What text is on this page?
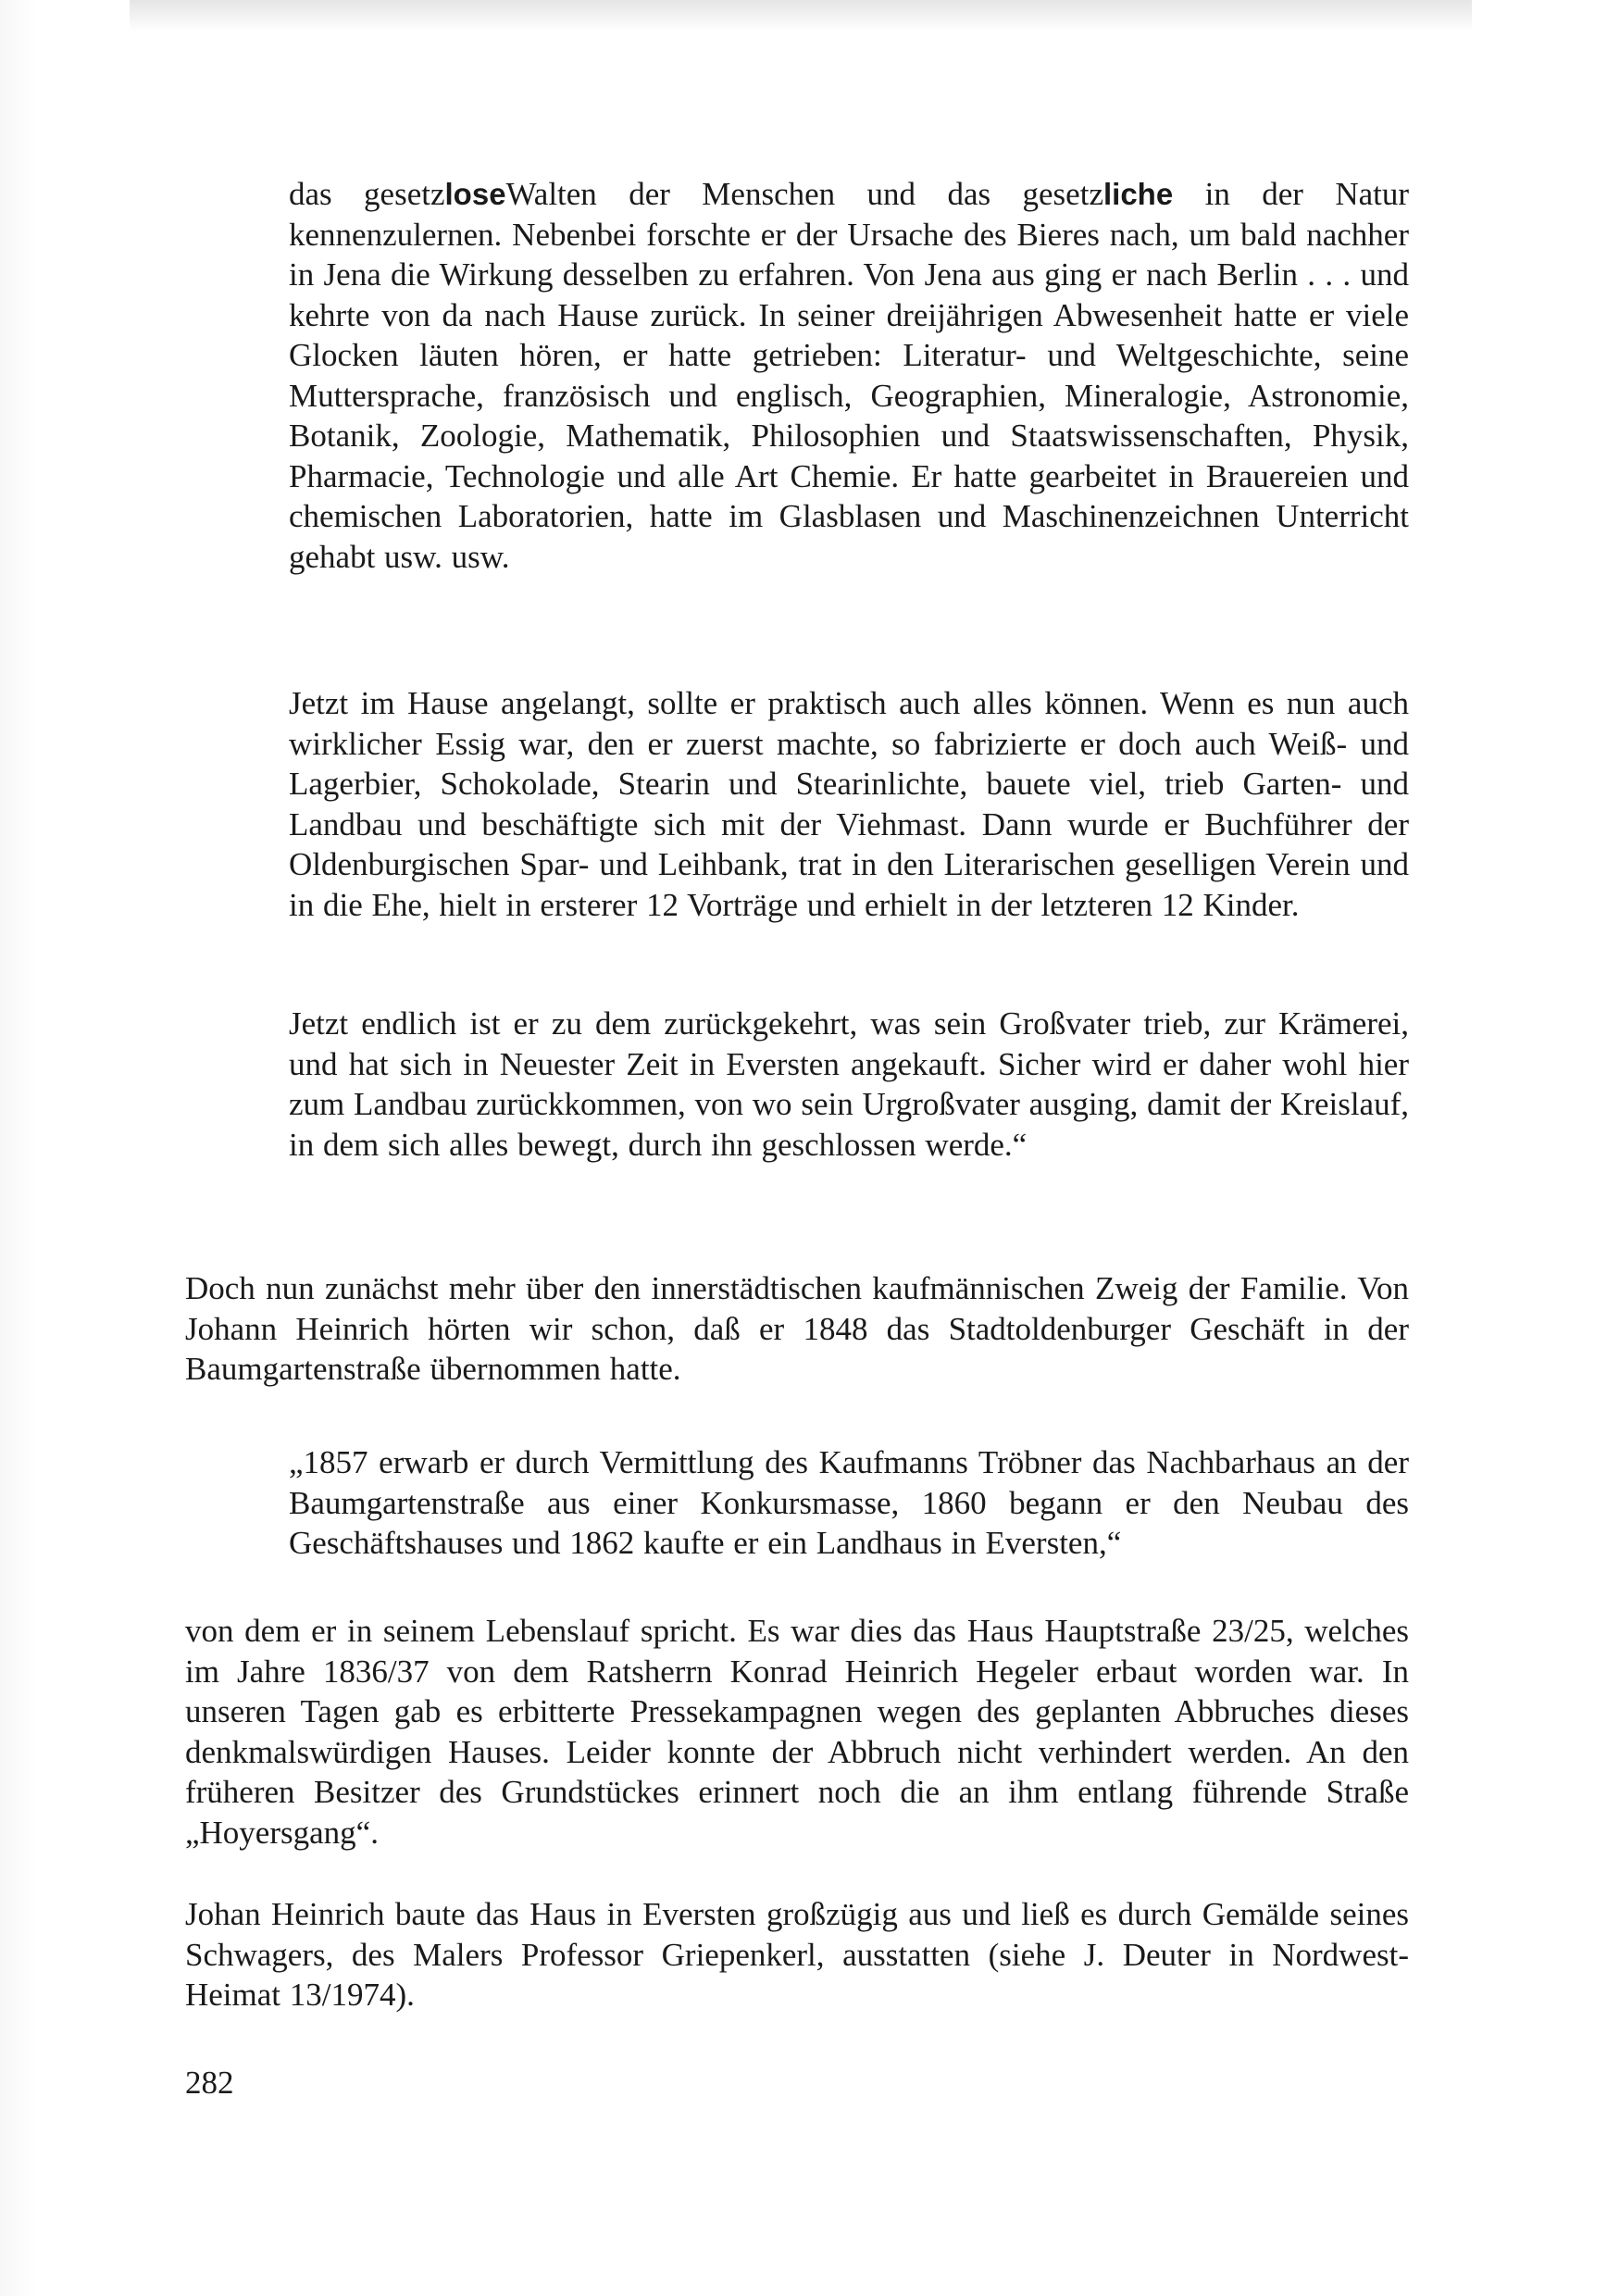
das gesetzloseWalten der Menschen und das gesetzliche in der Natur kennenzulernen. Nebenbei forschte er der Ursache des Bieres nach, um bald nachher in Jena die Wirkung desselben zu erfahren. Von Jena aus ging er nach Berlin . . . und kehrte von da nach Hause zurück. In seiner dreijährigen Abwesenheit hatte er viele Glocken läuten hören, er hatte getrieben: Literatur- und Weltgeschichte, seine Muttersprache, französisch und englisch, Geographien, Mineralogie, Astronomie, Botanik, Zoologie, Mathematik, Philosophien und Staatswissenschaften, Physik, Pharmacie, Technologie und alle Art Chemie. Er hatte gearbeitet in Brauereien und chemischen Laboratorien, hatte im Glasblasen und Maschinenzeichnen Unterricht gehabt usw. usw.

Jetzt im Hause angelangt, sollte er praktisch auch alles können. Wenn es nun auch wirklicher Essig war, den er zuerst machte, so fabrizierte er doch auch Weiß- und Lagerbier, Schokolade, Stearin und Stearinlichte, bauete viel, trieb Garten- und Landbau und beschäftigte sich mit der Viehmast. Dann wurde er Buchführer der Oldenburgischen Spar- und Leihbank, trat in den Literarischen geselligen Verein und in die Ehe, hielt in ersterer 12 Vorträge und erhielt in der letzteren 12 Kinder.

Jetzt endlich ist er zu dem zurückgekehrt, was sein Großvater trieb, zur Krämerei, und hat sich in Neuester Zeit in Eversten angekauft. Sicher wird er daher wohl hier zum Landbau zurückkommen, von wo sein Urgroßvater ausging, damit der Kreislauf, in dem sich alles bewegt, durch ihn geschlossen werde.“

Doch nun zunächst mehr über den innerstädtischen kaufmännischen Zweig der Familie. Von Johann Heinrich hörten wir schon, daß er 1848 das Stadtoldenburger Geschäft in der Baumgartenstraße übernommen hatte.

„1857 erwarb er durch Vermittlung des Kaufmanns Tröbner das Nachbarhaus an der Baumgartenstraße aus einer Konkursmasse, 1860 begann er den Neubau des Geschäftshauses und 1862 kaufte er ein Landhaus in Eversten,“

von dem er in seinem Lebenslauf spricht. Es war dies das Haus Hauptstraße 23/25, welches im Jahre 1836/37 von dem Ratsherrn Konrad Heinrich Hegeler erbaut worden war. In unseren Tagen gab es erbitterte Pressekampagnen wegen des geplanten Abbruches dieses denkmalswürdigen Hauses. Leider konnte der Abbruch nicht verhindert werden. An den früheren Besitzer des Grundstückes erinnert noch die an ihm entlang führende Straße „Hoyersgang“.

Johan Heinrich baute das Haus in Eversten großzügig aus und ließ es durch Gemälde seines Schwagers, des Malers Professor Griepenkerl, ausstatten (siehe J. Deuter in Nordwest-Heimat 13/1974).

282
